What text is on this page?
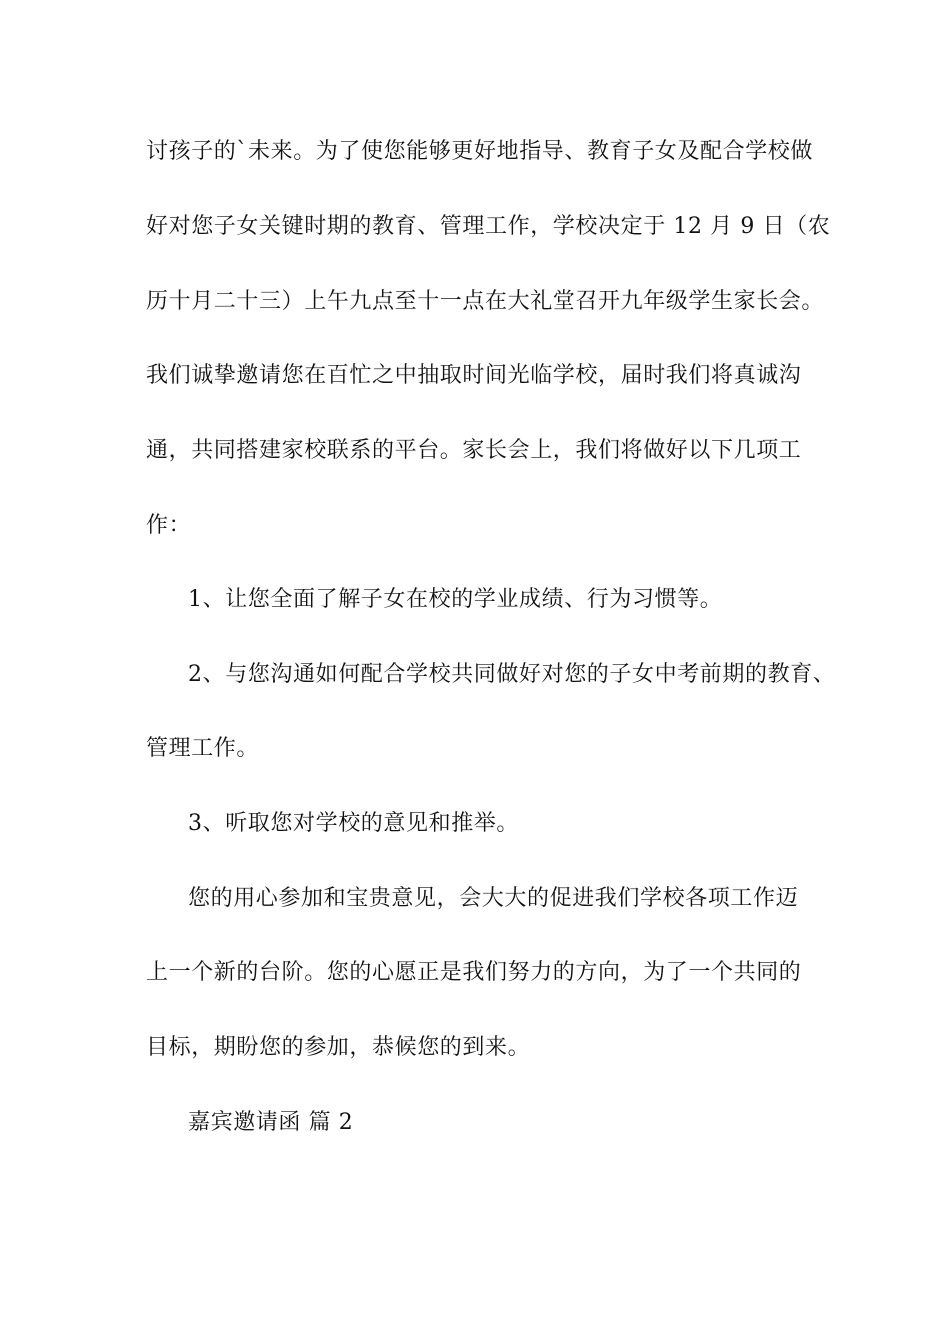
讨孩子的`未来。为了使您能够更好地指导、教育子女及配合学校做
好对您子女关键时期的教育、管理工作，学校决定于 12 月 9 日（农
历十月二十三）上午九点至十一点在大礼堂召开九年级学生家长会。
我们诚挚邀请您在百忙之中抽取时间光临学校，届时我们将真诚沟
通，共同搭建家校联系的平台。家长会上，我们将做好以下几项工
作：
1、让您全面了解子女在校的学业成绩、行为习惯等。
2、与您沟通如何配合学校共同做好对您的子女中考前期的教育、
管理工作。
3、听取您对学校的意见和推举。
您的用心参加和宝贵意见，会大大的促进我们学校各项工作迈
上一个新的台阶。您的心愿正是我们努力的方向，为了一个共同的
目标，期盼您的参加，恭候您的到来。
嘉宾邀请函 篇 2
